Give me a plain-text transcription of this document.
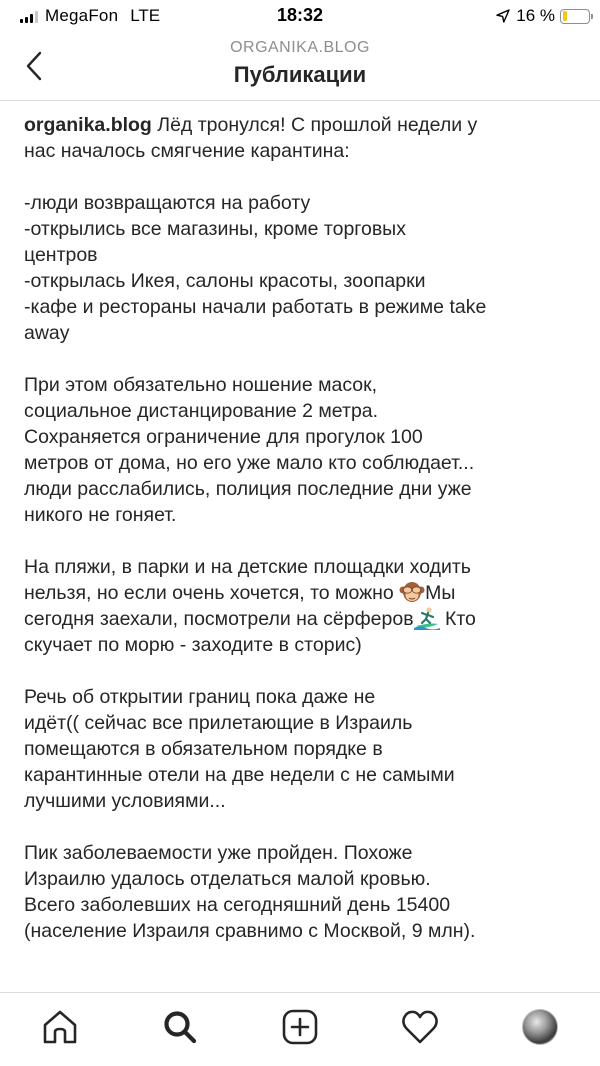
MegaFon LTE	18:32	16 %
ORGANIKA.BLOG
Публикации

organika.blog Лёд тронулся! С прошлой недели у
нас началось смягчение карантина:

-люди возвращаются на работу
-открылись все магазины, кроме торговых
центров
-открылась Икея, салоны красоты, зоопарки
-кафе и рестораны начали работать в режиме take
away

При этом обязательно ношение масок,
социальное дистанцирование 2 метра.
Сохраняется ограничение для прогулок 100
метров от дома, но его уже мало кто соблюдает...
люди расслабились, полиция последние дни уже
никого не гоняет.

На пляжи, в парки и на детские площадки ходить
нельзя, но если очень хочется, то можно Мы
сегодня заехали, посмотрели на сёрферов Кто
скучает по морю - заходите в сторис)

Речь об открытии границ пока даже не
идёт(( сейчас все прилетающие в Израиль
помещаются в обязательном порядке в
карантинные отели на две недели с не самыми
лучшими условиями...

Пик заболеваемости уже пройден. Похоже
Израилю удалось отделаться малой кровью.
Всего заболевших на сегодняшний день 15400
(население Израиля сравнимо с Москвой, 9 млн).
